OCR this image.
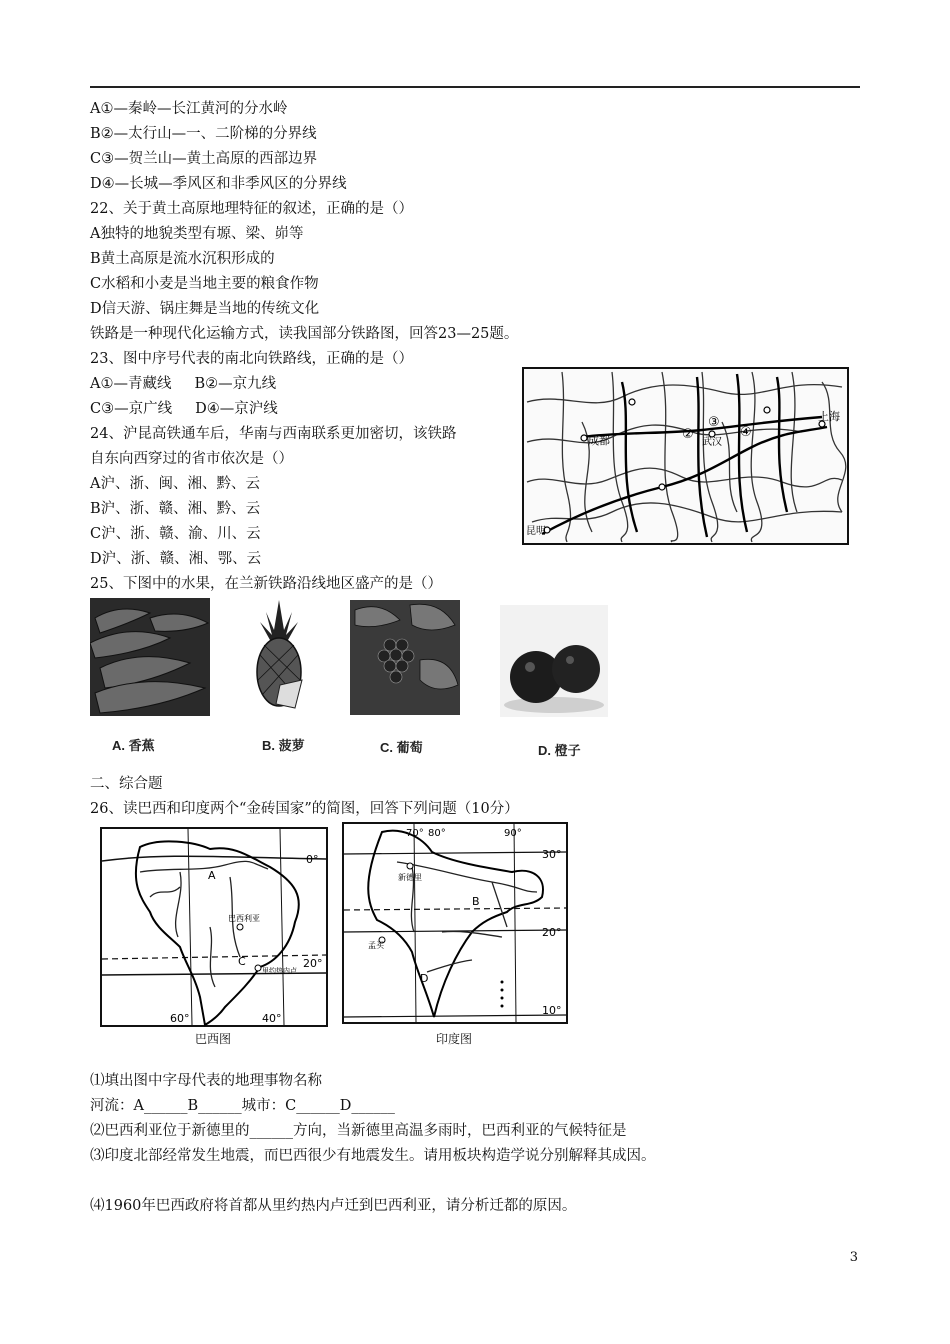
A①—秦岭—长江黄河的分水岭
B②—太行山—一、二阶梯的分界线
C③—贺兰山—黄土高原的西部边界
D④—长城—季风区和非季风区的分界线
22、关于黄土高原地理特征的叙述，正确的是（）
A独特的地貌类型有塬、梁、峁等
B黄土高原是流水沉积形成的
C水稻和小麦是当地主要的粮食作物
D信天游、锅庄舞是当地的传统文化
铁路是一种现代化运输方式，读我国部分铁路图，回答23—25题。
23、图中序号代表的南北向铁路线，正确的是（）
A①—青藏线 B②—京九线
C③—京广线 D④—京沪线
24、沪昆高铁通车后，华南与西南联系更加密切，该铁路
自东向西穿过的省市依次是（）
A沪、浙、闽、湘、黔、云
B沪、浙、赣、湘、黔、云
C沪、浙、赣、渝、川、云
D沪、浙、赣、湘、鄂、云
25、下图中的水果，在兰新铁路沿线地区盛产的是（）
成都	武汉
上海
昆明
②
③
④
A. 香蕉	B. 菠萝	C. 葡萄	D. 橙子
二、综合题
26、读巴西和印度两个“金砖国家”的简图，回答下列问题（10分）
A
C
巴西利亚
里约热内卢
0°
20°
60°	40°
巴西图
新德里
B
孟买
D
70° 80°	90°
30°
20°
10°
印度图
⑴填出图中字母代表的地理事物名称
河流：A______B______城市：C______D______
⑵巴西利亚位于新德里的______方向，当新德里高温多雨时，巴西利亚的气候特征是
⑶印度北部经常发生地震，而巴西很少有地震发生。请用板块构造学说分别解释其成因。
⑷1960年巴西政府将首都从里约热内卢迁到巴西利亚，请分析迁都的原因。
3
